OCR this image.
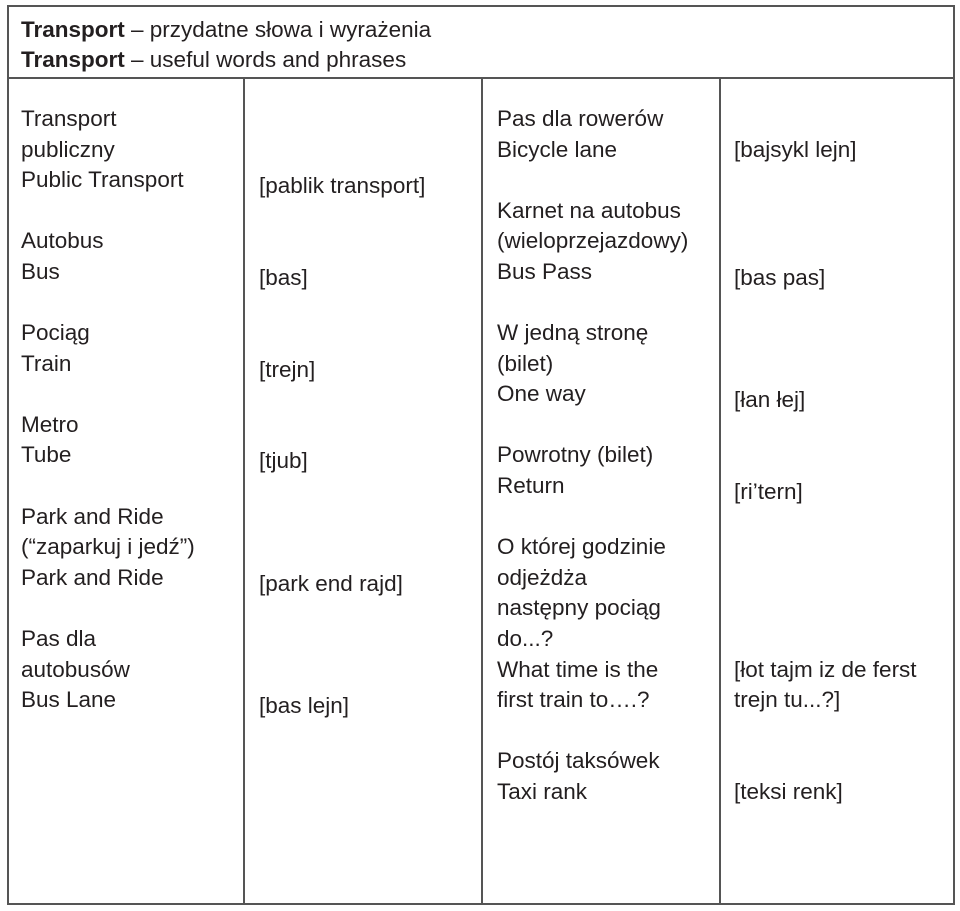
Transport – przydatne słowa i wyrażenia
Transport – useful words and phrases
Transport
publiczny
Public Transport
Autobus
Bus
Pociąg
Train
Metro
Tube
Park and Ride
(“zaparkuj i jedź”)
Park and Ride
Pas dla
autobusów
Bus Lane
[pablik transport]
[bas]
[trejn]
[tjub]
[park end rajd]
[bas lejn]
Pas dla rowerów
Bicycle lane
Karnet na autobus
(wieloprzejazdowy)
Bus Pass
W jedną stronę
(bilet)
One way
Powrotny (bilet)
Return
O której godzinie
odjeżdża
następny pociąg
do...?
What time is the
first train to….?
Postój taksówek
Taxi rank
[bajsykl lejn]
[bas pas]
[łan łej]
[ri’tern]
[łot tajm iz de ferst
trejn tu...?]
[teksi renk]
